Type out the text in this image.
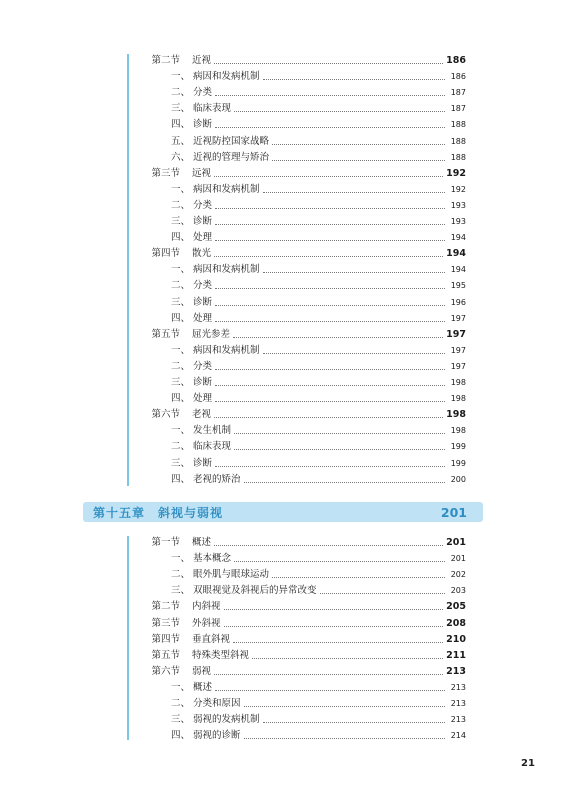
第二节 近视	186
一、 病因和发病机制	186
二、 分类	187
三、 临床表现	187
四、 诊断	188
五、 近视防控国家战略	188
六、 近视的管理与矫治	188
第三节 远视	192
一、 病因和发病机制	192
二、 分类	193
三、 诊断	193
四、 处理	194
第四节 散光	194
一、 病因和发病机制	194
二、 分类	195
三、 诊断	196
四、 处理	197
第五节 屈光参差	197
一、 病因和发病机制	197
二、 分类	197
三、 诊断	198
四、 处理	198
第六节 老视	198
一、 发生机制	198
二、 临床表现	199
三、 诊断	199
四、 老视的矫治	200
第十五章　斜视与弱视	201
第一节 概述	201
一、 基本概念	201
二、 眼外肌与眼球运动	202
三、 双眼视觉及斜视后的异常改变	203
第二节 内斜视	205
第三节 外斜视	208
第四节 垂直斜视	210
第五节 特殊类型斜视	211
第六节 弱视	213
一、 概述	213
二、 分类和原因	213
三、 弱视的发病机制	213
四、 弱视的诊断	214
21
